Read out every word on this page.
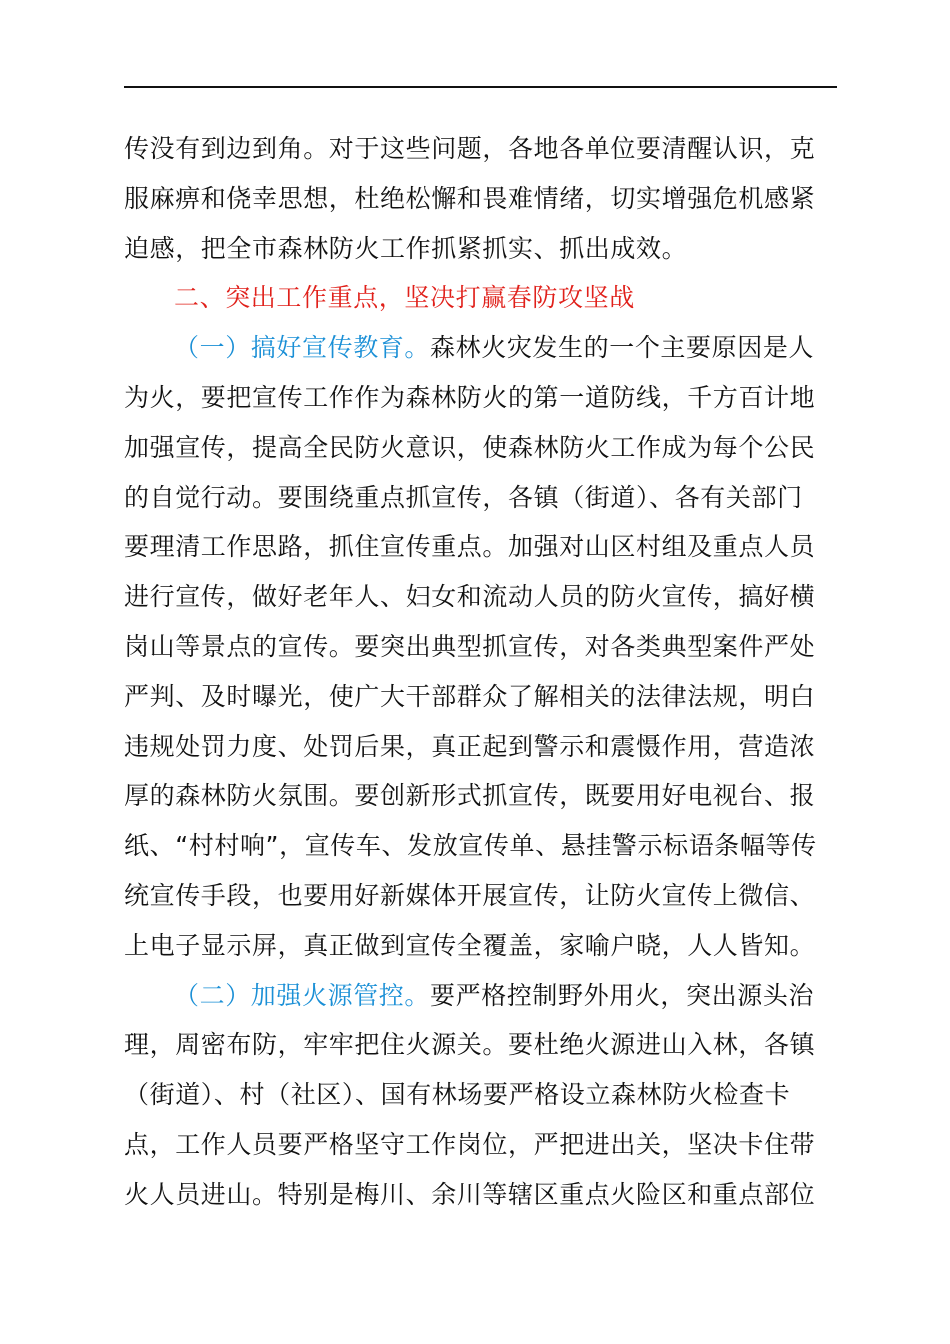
传没有到边到角。对于这些问题，各地各单位要清醒认识，克
服麻痹和侥幸思想，杜绝松懈和畏难情绪，切实增强危机感紧
迫感，把全市森林防火工作抓紧抓实、抓出成效。
二、突出工作重点，坚决打赢春防攻坚战
（一）搞好宣传教育。森林火灾发生的一个主要原因是人
为火，要把宣传工作作为森林防火的第一道防线，千方百计地
加强宣传，提高全民防火意识，使森林防火工作成为每个公民
的自觉行动。要围绕重点抓宣传，各镇（街道）、各有关部门
要理清工作思路，抓住宣传重点。加强对山区村组及重点人员
进行宣传，做好老年人、妇女和流动人员的防火宣传，搞好横
岗山等景点的宣传。要突出典型抓宣传，对各类典型案件严处
严判、及时曝光，使广大干部群众了解相关的法律法规，明白
违规处罚力度、处罚后果，真正起到警示和震慑作用，营造浓
厚的森林防火氛围。要创新形式抓宣传，既要用好电视台、报
纸、“村村响”，宣传车、发放宣传单、悬挂警示标语条幅等传
统宣传手段，也要用好新媒体开展宣传，让防火宣传上微信、
上电子显示屏，真正做到宣传全覆盖，家喻户晓，人人皆知。
（二）加强火源管控。要严格控制野外用火，突出源头治
理，周密布防，牢牢把住火源关。要杜绝火源进山入林，各镇
（街道）、村（社区）、国有林场要严格设立森林防火检查卡
点，工作人员要严格坚守工作岗位，严把进出关，坚决卡住带
火人员进山。特别是梅川、余川等辖区重点火险区和重点部位
